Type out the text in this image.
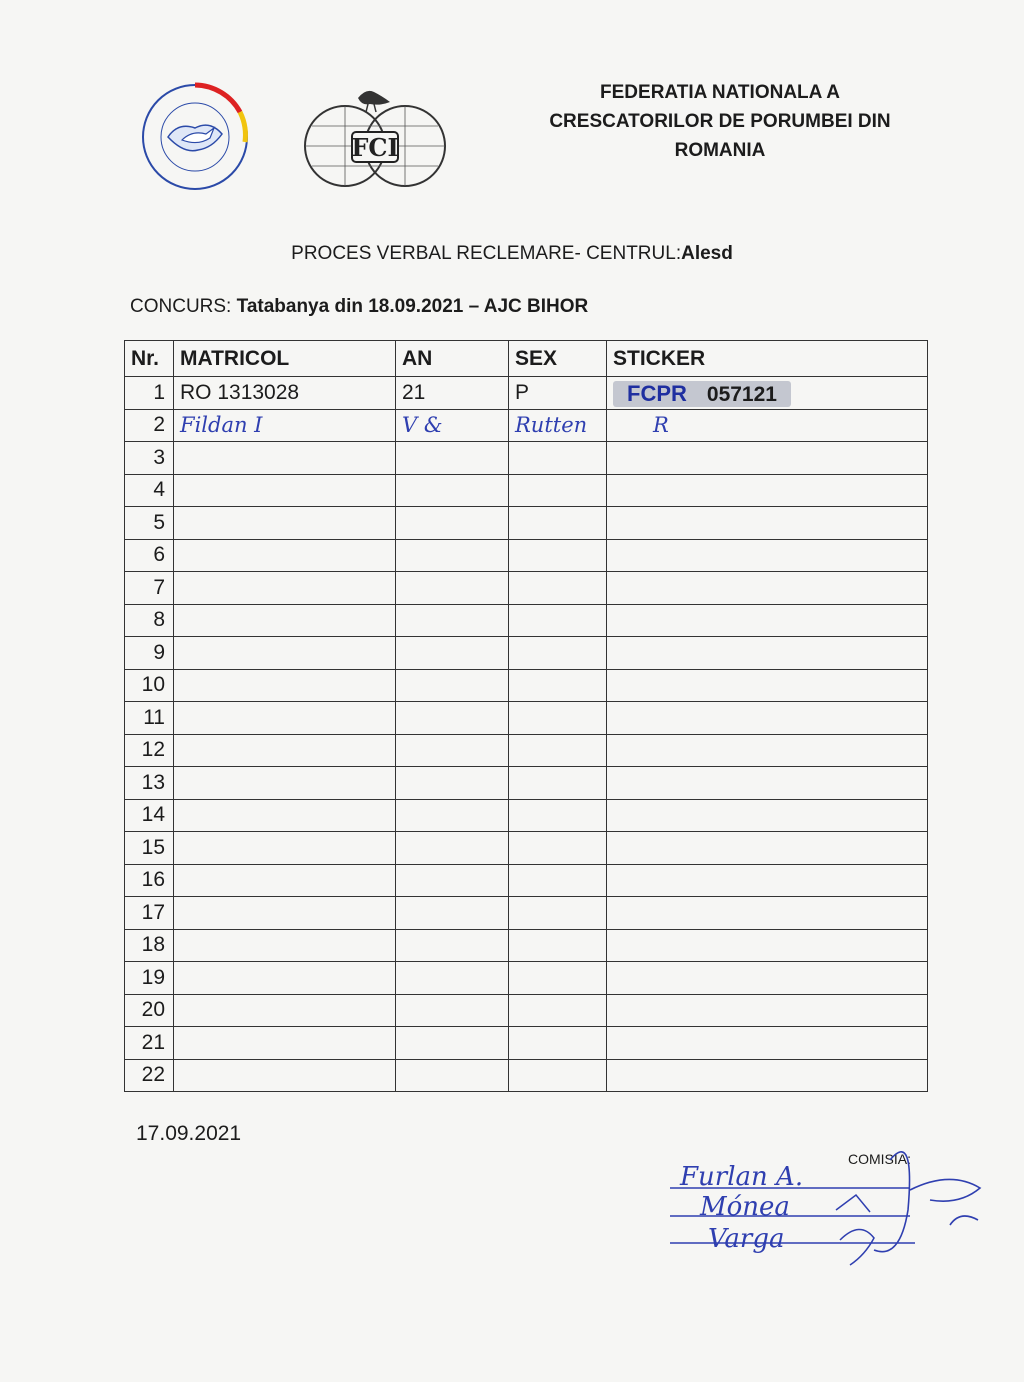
FCI
FEDERATIA NATIONALA A
CRESCATORILOR DE PORUMBEI DIN
ROMANIA
PROCES VERBAL RECLEMARE- CENTRUL:Alesd
CONCURS: Tatabanya din 18.09.2021 – AJC BIHOR
Nr.	MATRICOL	AN	SEX	STICKER
1	RO 1313028	21	P	FCPR 057121
2	Fildan I	V &	Rutten	R
3				
4				
5				
6				
7				
8				
9				
10				
11				
12				
13				
14				
15				
16				
17				
18				
19				
20				
21				
22				
17.09.2021
COMISIA:
Furlan A.
Mónea
Varga
